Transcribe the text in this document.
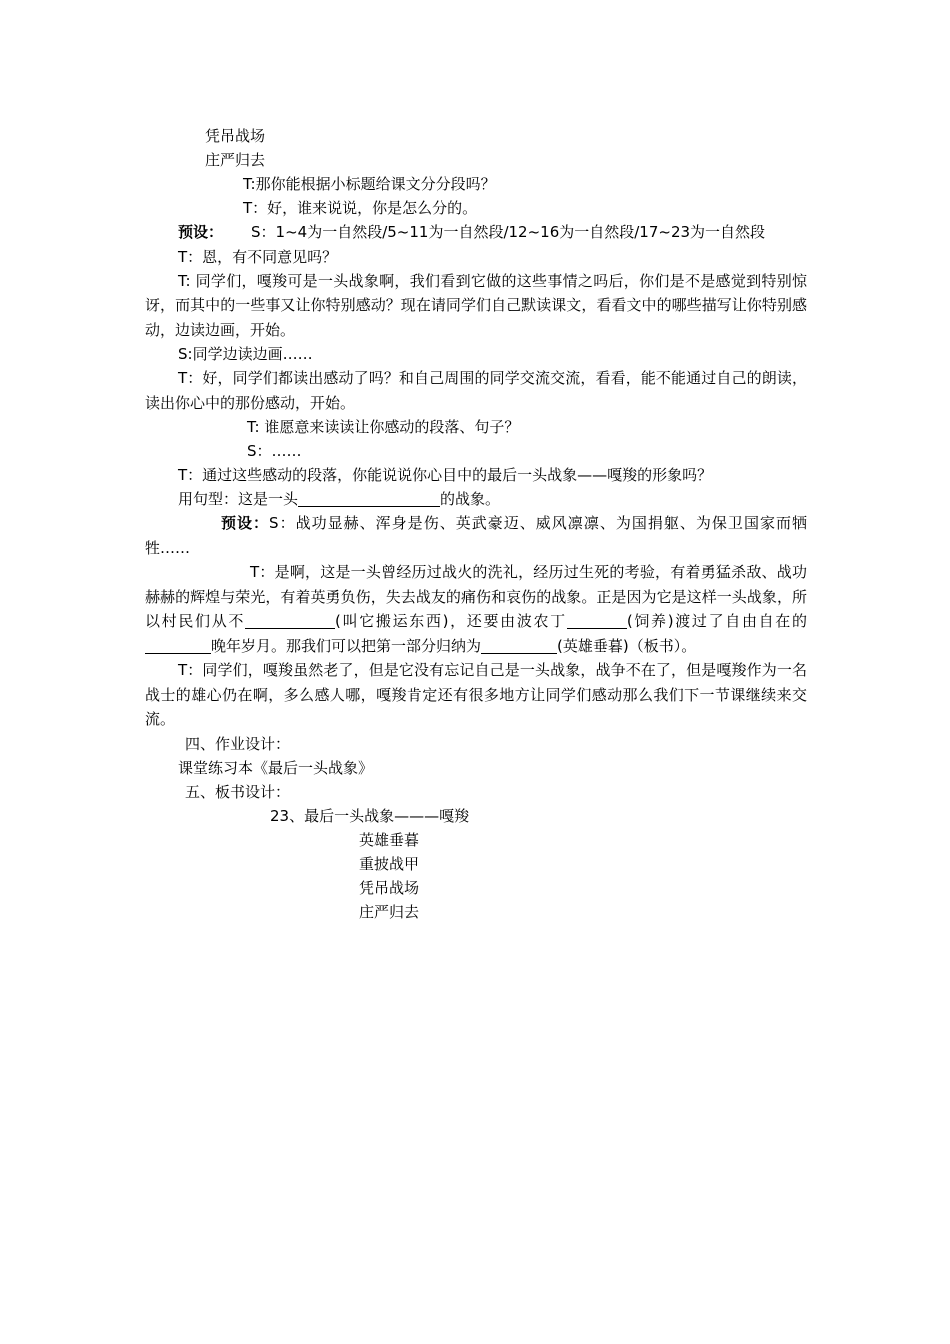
凭吊战场
庄严归去
T:那你能根据小标题给课文分分段吗？
T：好，谁来说说，你是怎么分的。
预设： S：1~4为一自然段/5~11为一自然段/12~16为一自然段/17~23为一自然段
T：恩，有不同意见吗？
T: 同学们，嘎羧可是一头战象啊，我们看到它做的这些事情之吗后，你们是不是感觉到特别惊讶，而其中的一些事又让你特别感动？现在请同学们自己默读课文，看看文中的哪些描写让你特别感动，边读边画，开始。
S:同学边读边画……
T：好，同学们都读出感动了吗？和自己周围的同学交流交流，看看，能不能通过自己的朗读，读出你心中的那份感动，开始。
T: 谁愿意来读读让你感动的段落、句子？
S：……
T：通过这些感动的段落，你能说说你心目中的最后一头战象——嘎羧的形象吗？
用句型：这是一头	的战象。
预设：S：战功显赫、浑身是伤、英武豪迈、威风凛凛、为国捐躯、为保卫国家而牺牲……
T：是啊，这是一头曾经历过战火的洗礼，经历过生死的考验，有着勇猛杀敌、战功赫赫的辉煌与荣光，有着英勇负伤，失去战友的痛伤和哀伤的战象。正是因为它是这样一头战象，所以村民们从不	(叫它搬运东西)，还要由波农丁	(饲养)渡过了自由自在的晚年岁月。那我们可以把第一部分归纳为	(英雄垂暮)（板书）。
T：同学们，嘎羧虽然老了，但是它没有忘记自己是一头战象，战争不在了，但是嘎羧作为一名战士的雄心仍在啊，多么感人哪，嘎羧肯定还有很多地方让同学们感动那么我们下一节课继续来交流。
四、作业设计：
课堂练习本《最后一头战象》
五、板书设计：
23、最后一头战象———嘎羧
英雄垂暮
重披战甲
凭吊战场
庄严归去
